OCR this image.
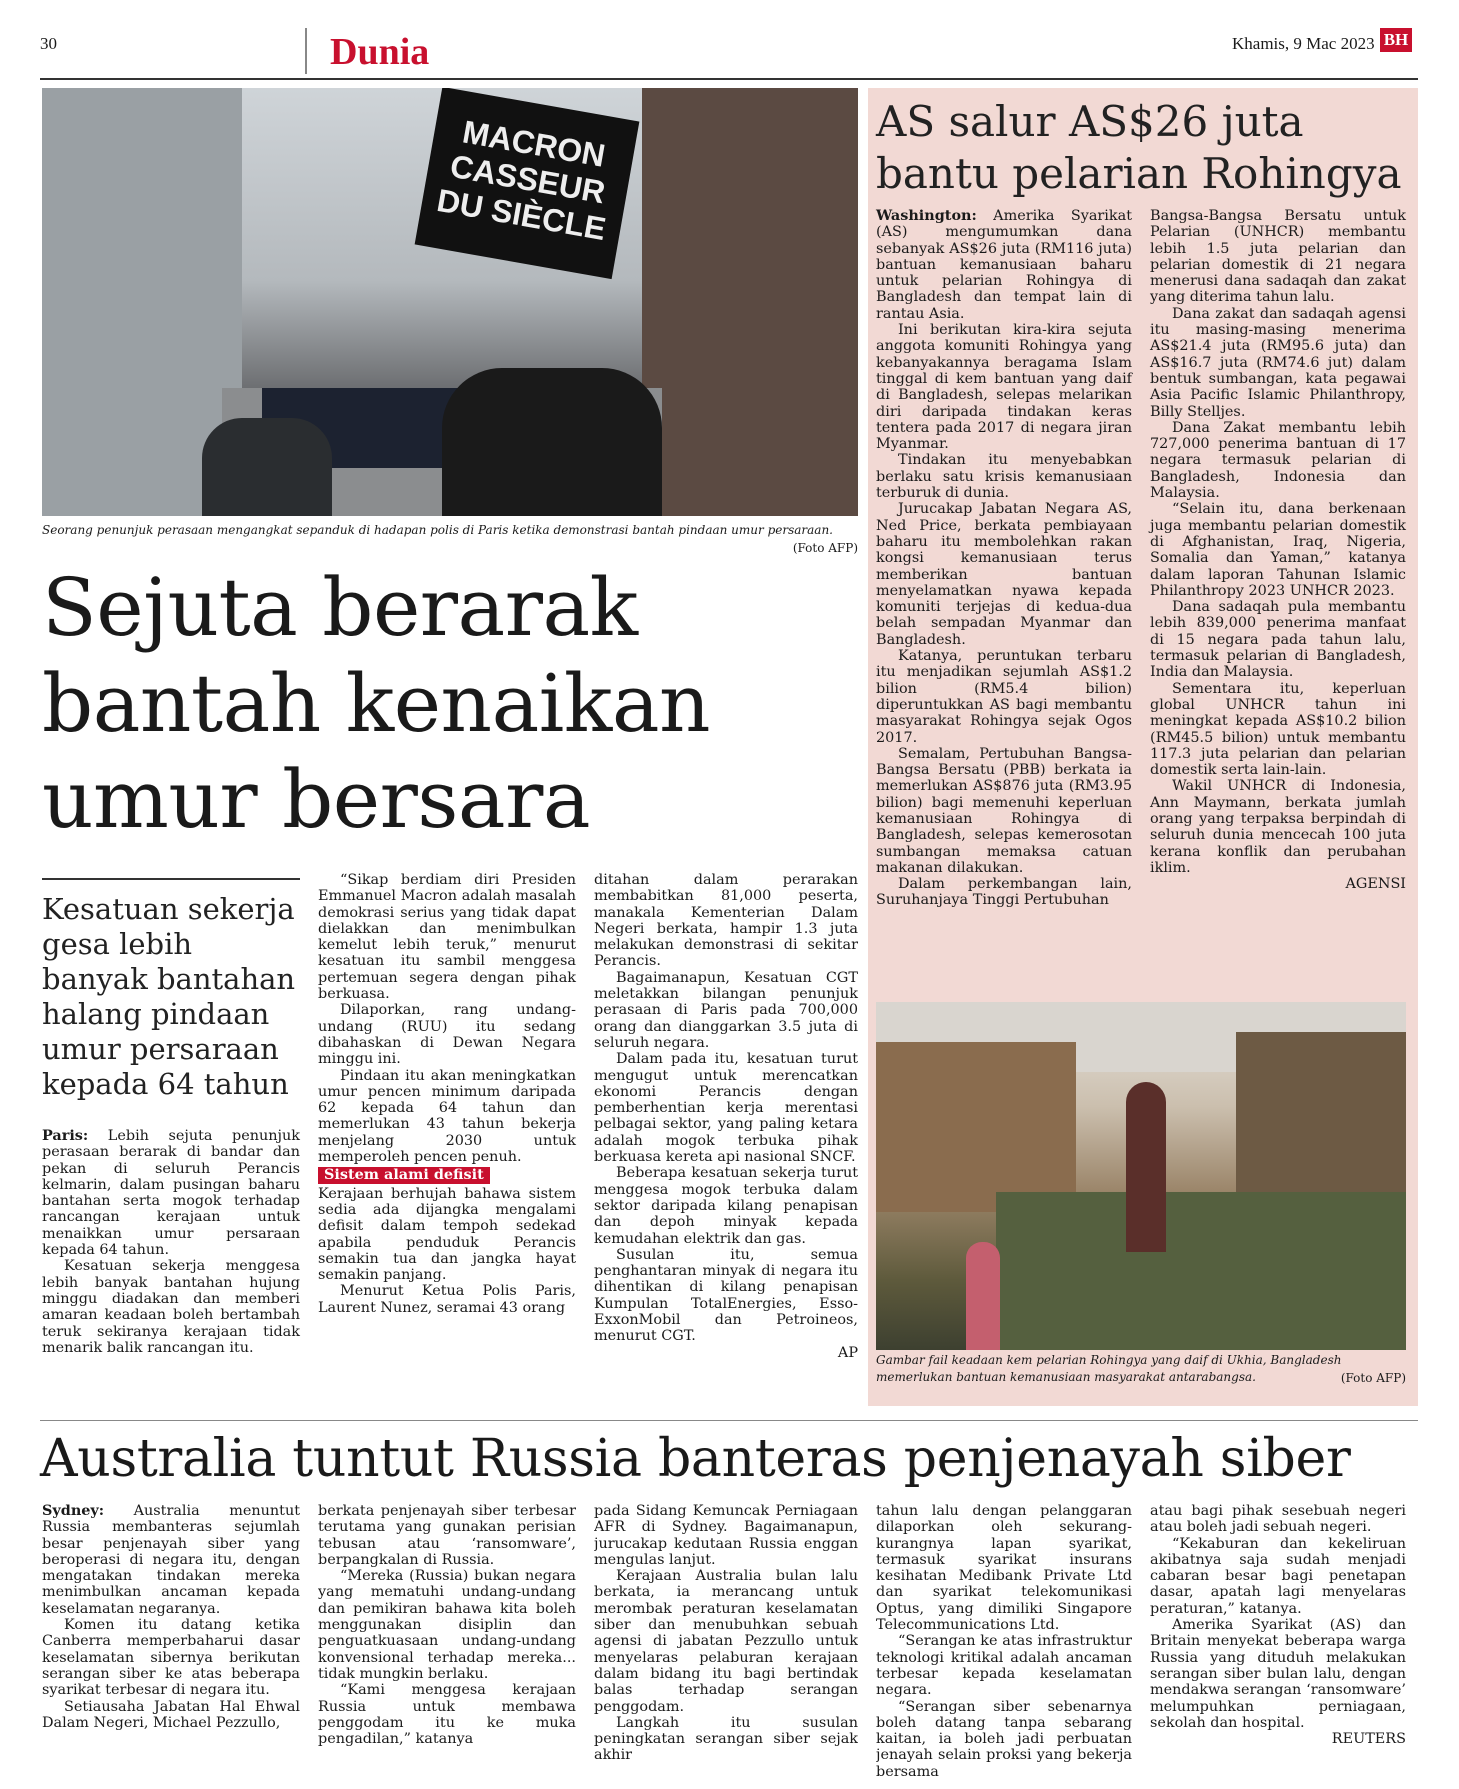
30	Dunia	Khamis, 9 Mac 2023 BH
MACRON CASSEUR DU SIÈCLE
Seorang penunjuk perasaan mengangkat sepanduk di hadapan polis di Paris ketika demonstrasi bantah pindaan umur persaraan.
(Foto AFP)
Sejuta berarak bantah kenaikan umur bersara
Kesatuan sekerja gesa lebih banyak bantahan halang pindaan umur persaraan kepada 64 tahun

Paris: Lebih sejuta penunjuk perasaan berarak di bandar dan pekan di seluruh Perancis kelmarin, dalam pusingan baharu bantahan serta mogok terhadap rancangan kerajaan untuk menaikkan umur persaraan kepada 64 tahun.

Kesatuan sekerja menggesa lebih banyak bantahan hujung minggu diadakan dan memberi amaran keadaan boleh bertambah teruk sekiranya kerajaan tidak menarik balik rancangan itu.

“Sikap berdiam diri Presiden Emmanuel Macron adalah masalah demokrasi serius yang tidak dapat dielakkan dan menimbulkan kemelut lebih teruk,” menurut kesatuan itu sambil menggesa pertemuan segera dengan pihak berkuasa.

Dilaporkan, rang undang-undang (RUU) itu sedang dibahaskan di Dewan Negara minggu ini.

Pindaan itu akan meningkatkan umur pencen minimum daripada 62 kepada 64 tahun dan memerlukan 43 tahun bekerja menjelang 2030 untuk memperoleh pencen penuh.

Sistem alami defisit

Kerajaan berhujah bahawa sistem sedia ada dijangka mengalami defisit dalam tempoh sedekad apabila penduduk Perancis semakin tua dan jangka hayat semakin panjang.

Menurut Ketua Polis Paris, Laurent Nunez, seramai 43 orang

ditahan dalam perarakan membabitkan 81,000 peserta, manakala Kementerian Dalam Negeri berkata, hampir 1.3 juta melakukan demonstrasi di sekitar Perancis.

Bagaimanapun, Kesatuan CGT meletakkan bilangan penunjuk perasaan di Paris pada 700,000 orang dan dianggarkan 3.5 juta di seluruh negara.

Dalam pada itu, kesatuan turut mengugut untuk merencatkan ekonomi Perancis dengan pemberhentian kerja merentasi pelbagai sektor, yang paling ketara adalah mogok terbuka pihak berkuasa kereta api nasional SNCF.

Beberapa kesatuan sekerja turut menggesa mogok terbuka dalam sektor daripada kilang penapisan dan depoh minyak kepada kemudahan elektrik dan gas.

Susulan itu, semua penghantaran minyak di negara itu dihentikan di kilang penapisan Kumpulan TotalEnergies, Esso-ExxonMobil dan Petroineos, menurut CGT.

AP
AS salur AS$26 juta bantu pelarian Rohingya

Washington: Amerika Syarikat (AS) mengumumkan dana sebanyak AS$26 juta (RM116 juta) bantuan kemanusiaan baharu untuk pelarian Rohingya di Bangladesh dan tempat lain di rantau Asia.

Ini berikutan kira-kira sejuta anggota komuniti Rohingya yang kebanyakannya beragama Islam tinggal di kem bantuan yang daif di Bangladesh, selepas melarikan diri daripada tindakan keras tentera pada 2017 di negara jiran Myanmar.

Tindakan itu menyebabkan berlaku satu krisis kemanusiaan terburuk di dunia.

Jurucakap Jabatan Negara AS, Ned Price, berkata pembiayaan baharu itu membolehkan rakan kongsi kemanusiaan terus memberikan bantuan menyelamatkan nyawa kepada komuniti terjejas di kedua-dua belah sempadan Myanmar dan Bangladesh.

Katanya, peruntukan terbaru itu menjadikan sejumlah AS$1.2 bilion (RM5.4 bilion) diperuntukkan AS bagi membantu masyarakat Rohingya sejak Ogos 2017.

Semalam, Pertubuhan Bangsa-Bangsa Bersatu (PBB) berkata ia memerlukan AS$876 juta (RM3.95 bilion) bagi memenuhi keperluan kemanusiaan Rohingya di Bangladesh, selepas kemerosotan sumbangan memaksa catuan makanan dilakukan.

Dalam perkembangan lain, Suruhanjaya Tinggi Pertubuhan

Bangsa-Bangsa Bersatu untuk Pelarian (UNHCR) membantu lebih 1.5 juta pelarian dan pelarian domestik di 21 negara menerusi dana sadaqah dan zakat yang diterima tahun lalu.

Dana zakat dan sadaqah agensi itu masing-masing menerima AS$21.4 juta (RM95.6 juta) dan AS$16.7 juta (RM74.6 jut) dalam bentuk sumbangan, kata pegawai Asia Pacific Islamic Philanthropy, Billy Stelljes.

Dana Zakat membantu lebih 727,000 penerima bantuan di 17 negara termasuk pelarian di Bangladesh, Indonesia dan Malaysia.

“Selain itu, dana berkenaan juga membantu pelarian domestik di Afghanistan, Iraq, Nigeria, Somalia dan Yaman,” katanya dalam laporan Tahunan Islamic Philanthropy 2023 UNHCR 2023.

Dana sadaqah pula membantu lebih 839,000 penerima manfaat di 15 negara pada tahun lalu, termasuk pelarian di Bangladesh, India dan Malaysia.

Sementara itu, keperluan global UNHCR tahun ini meningkat kepada AS$10.2 bilion (RM45.5 bilion) untuk membantu 117.3 juta pelarian dan pelarian domestik serta lain-lain.

Wakil UNHCR di Indonesia, Ann Maymann, berkata jumlah orang yang terpaksa berpindah di seluruh dunia mencecah 100 juta kerana konflik dan perubahan iklim.

AGENSI
Gambar fail keadaan kem pelarian Rohingya yang daif di Ukhia, Bangladesh memerlukan bantuan kemanusiaan masyarakat antarabangsa.	(Foto AFP)
Australia tuntut Russia banteras penjenayah siber

Sydney: Australia menuntut Russia membanteras sejumlah besar penjenayah siber yang beroperasi di negara itu, dengan mengatakan tindakan mereka menimbulkan ancaman kepada keselamatan negaranya.

Komen itu datang ketika Canberra memperbaharui dasar keselamatan sibernya berikutan serangan siber ke atas beberapa syarikat terbesar di negara itu.

Setiausaha Jabatan Hal Ehwal Dalam Negeri, Michael Pezzullo,

berkata penjenayah siber terbesar terutama yang gunakan perisian tebusan atau ‘ransomware’, berpangkalan di Russia.

“Mereka (Russia) bukan negara yang mematuhi undang-undang dan pemikiran bahawa kita boleh menggunakan disiplin dan penguatkuasaan undang-undang konvensional terhadap mereka... tidak mungkin berlaku.

“Kami menggesa kerajaan Russia untuk membawa penggodam itu ke muka pengadilan,” katanya

pada Sidang Kemuncak Perniagaan AFR di Sydney. Bagaimanapun, jurucakap kedutaan Russia enggan mengulas lanjut.

Kerajaan Australia bulan lalu berkata, ia merancang untuk merombak peraturan keselamatan siber dan menubuhkan sebuah agensi di jabatan Pezzullo untuk menyelaras pelaburan kerajaan dalam bidang itu bagi bertindak balas terhadap serangan penggodam.

Langkah itu susulan peningkatan serangan siber sejak akhir

tahun lalu dengan pelanggaran dilaporkan oleh sekurang-kurangnya lapan syarikat, termasuk syarikat insurans kesihatan Medibank Private Ltd dan syarikat telekomunikasi Optus, yang dimiliki Singapore Telecommunications Ltd.

“Serangan ke atas infrastruktur teknologi kritikal adalah ancaman terbesar kepada keselamatan negara.

“Serangan siber sebenarnya boleh datang tanpa sebarang kaitan, ia boleh jadi perbuatan jenayah selain proksi yang bekerja bersama

atau bagi pihak sesebuah negeri atau boleh jadi sebuah negeri.

“Kekaburan dan kekeliruan akibatnya saja sudah menjadi cabaran besar bagi penetapan dasar, apatah lagi menyelaras peraturan,” katanya.

Amerika Syarikat (AS) dan Britain menyekat beberapa warga Russia yang dituduh melakukan serangan siber bulan lalu, dengan mendakwa serangan ‘ransomware’ melumpuhkan perniagaan, sekolah dan hospital.

REUTERS
